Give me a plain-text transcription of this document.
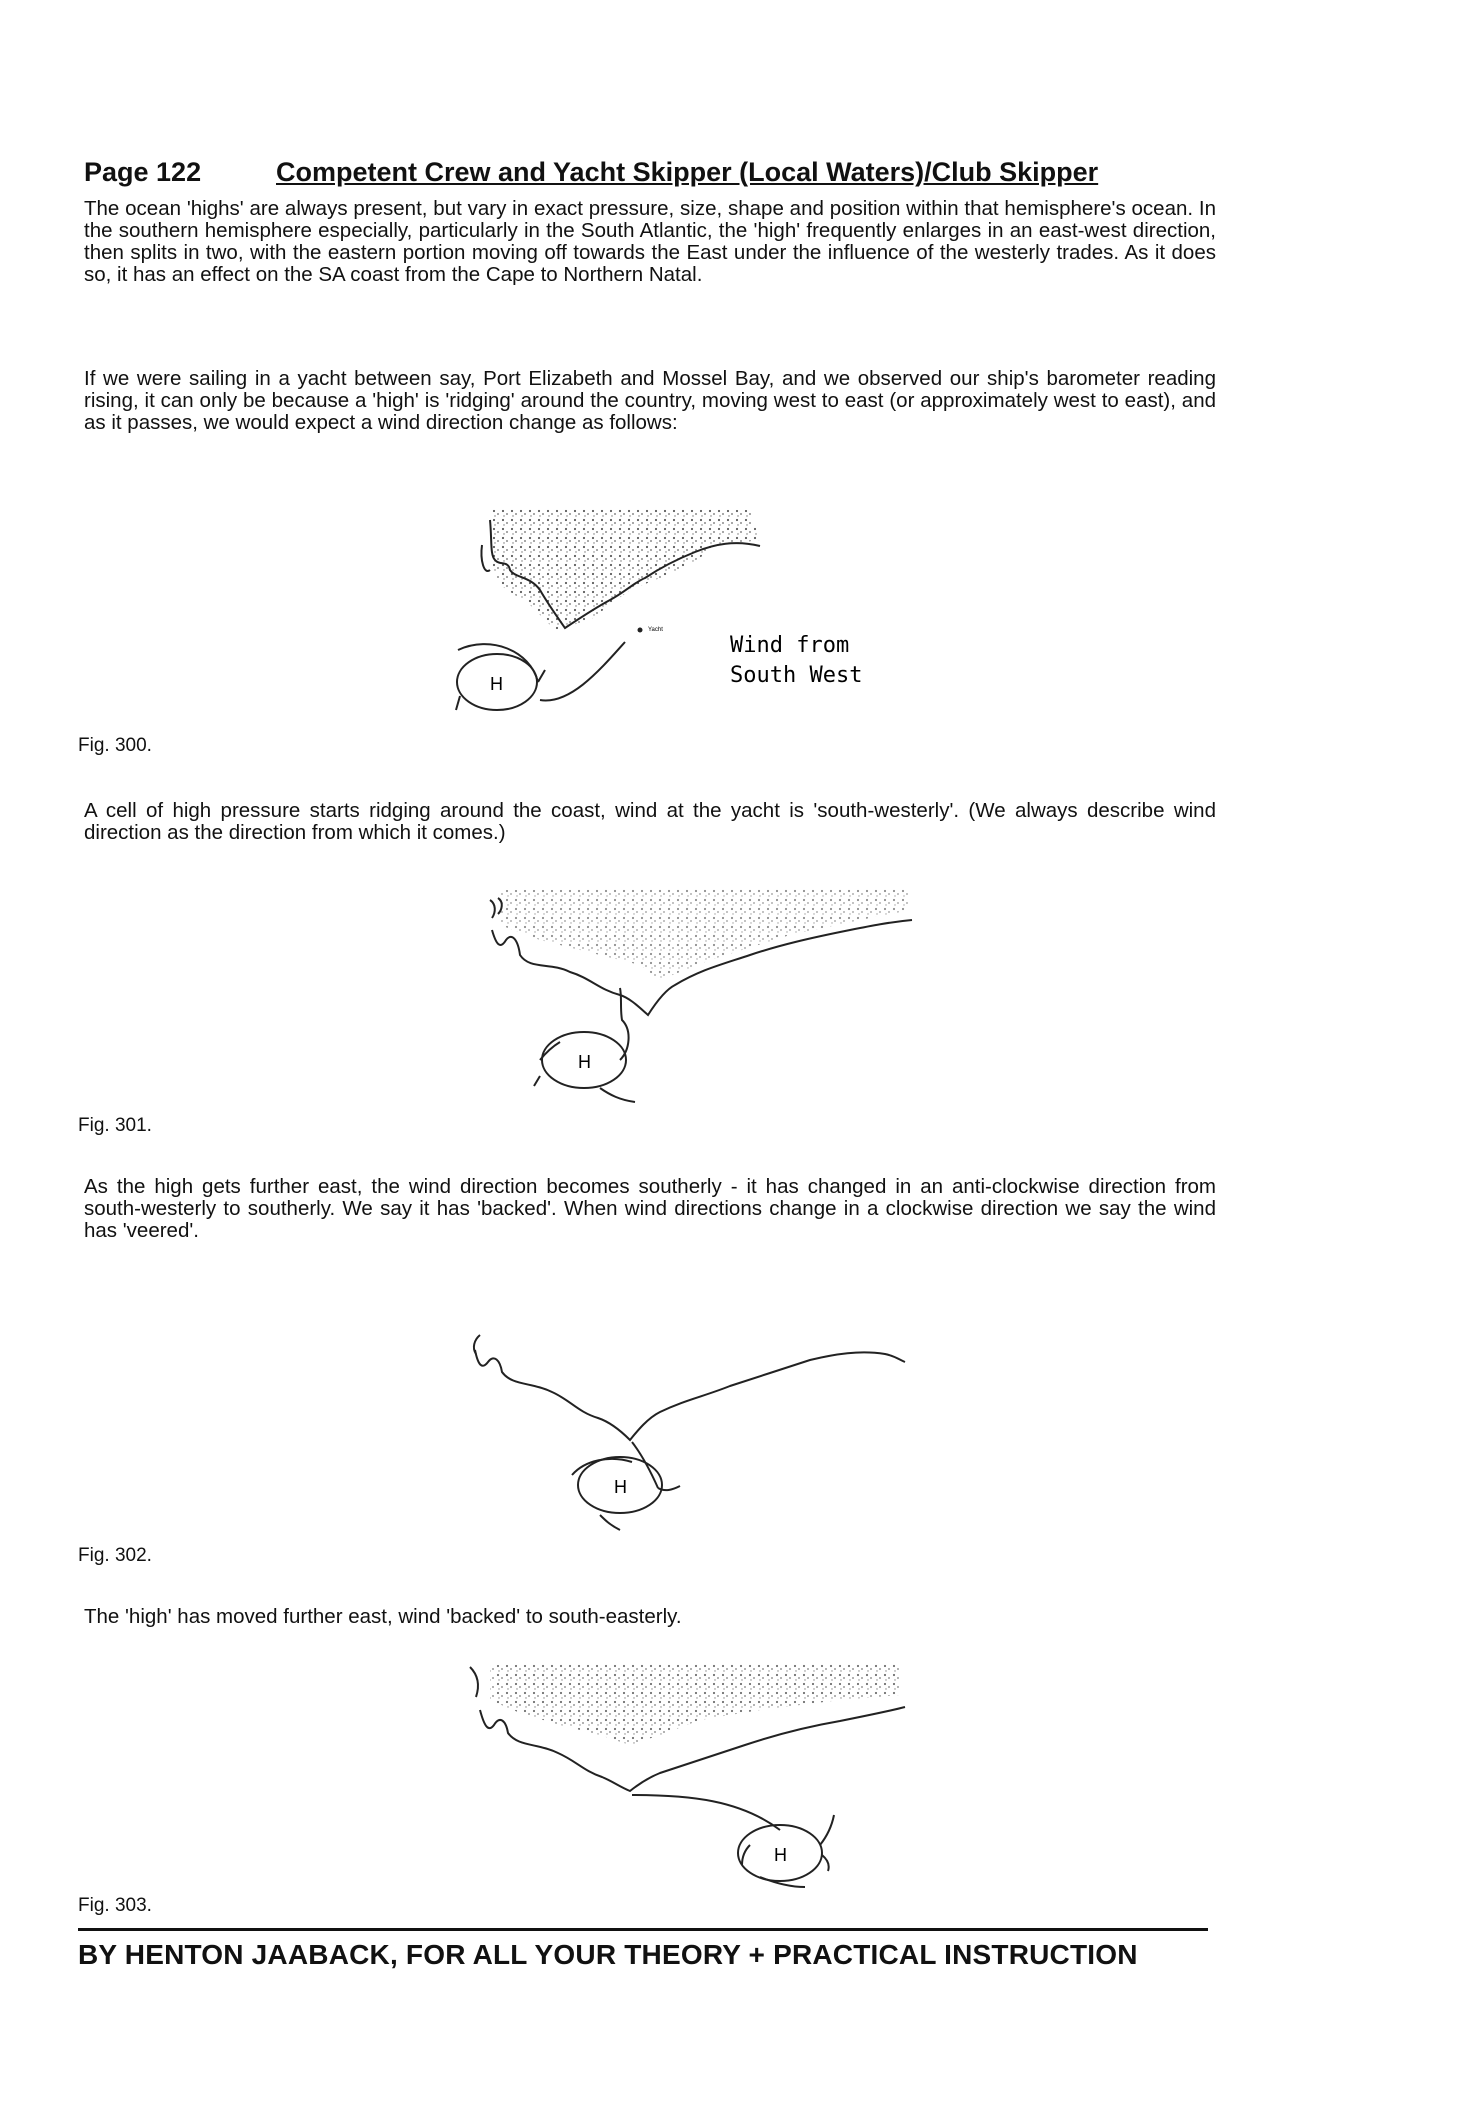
Page 122	Competent Crew and Yacht Skipper (Local Waters)/Club Skipper

The ocean 'highs' are always present, but vary in exact pressure, size, shape and position within that hemisphere's ocean. In the southern hemisphere especially, particularly in the South Atlantic, the 'high' frequently enlarges in an east-west direction, then splits in two, with the eastern portion moving off towards the East under the influence of the westerly trades. As it does so, it has an effect on the SA coast from the Cape to Northern Natal.

If we were sailing in a yacht between say, Port Elizabeth and Mossel Bay, and we observed our ship's barometer reading rising, it can only be because a 'high' is 'ridging' around the country, moving west to east (or approximately west to east), and as it passes, we would expect a wind direction change as follows:

H
Yacht
Wind from
South West
Fig. 300.

A cell of high pressure starts ridging around the coast, wind at the yacht is 'south-westerly'. (We always describe wind direction as the direction from which it comes.)

H
Fig. 301.

As the high gets further east, the wind direction becomes southerly - it has changed in an anti-clockwise direction from south-westerly to southerly. We say it has 'backed'. When wind directions change in a clockwise direction we say the wind has 'veered'.

H
Fig. 302.

The 'high' has moved further east, wind 'backed' to south-easterly.

H
Fig. 303.
BY HENTON JAABACK, FOR ALL YOUR THEORY + PRACTICAL INSTRUCTION
